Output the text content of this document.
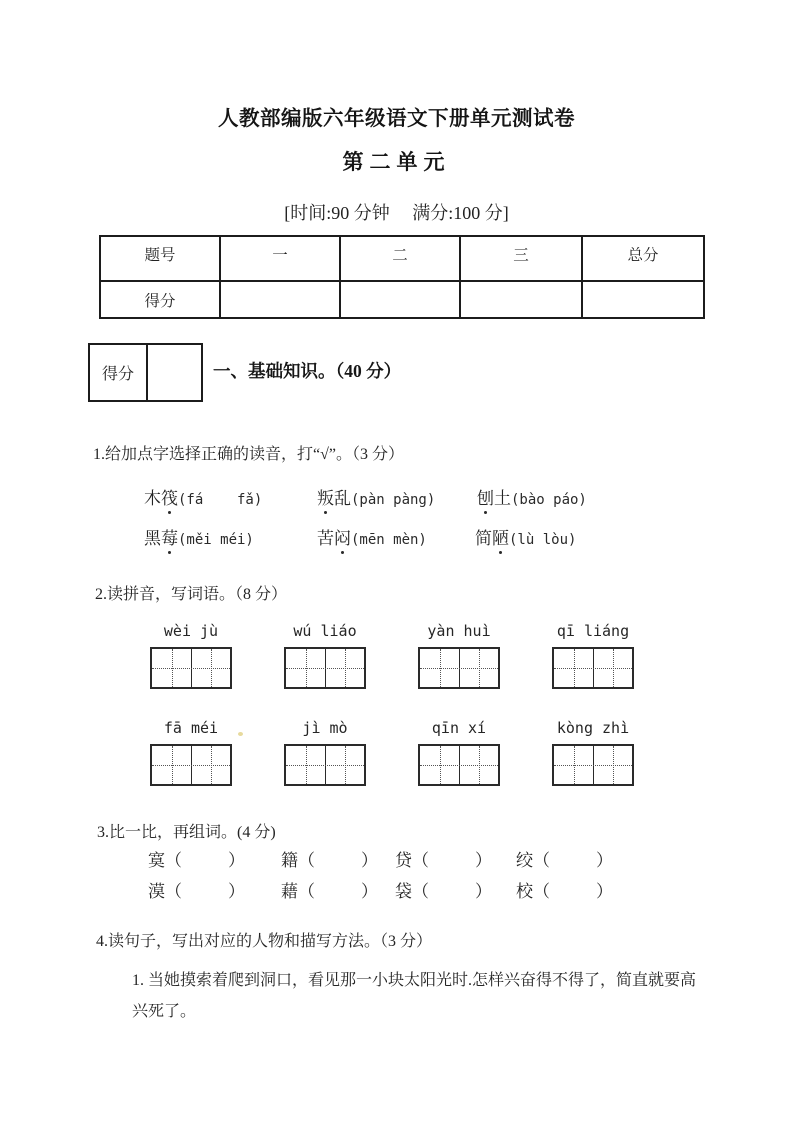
人教部编版六年级语文下册单元测试卷
第二单元
[时间:90 分钟　 满分:100 分]
题号	一	二	三	总分
得分				
得分	一、基础知识。（40 分）
1.给加点字选择正确的读音，打“√”。（3 分）
木筏(fá    fǎ)	叛乱(pàn pàng) 刨土(bào páo)
黑莓(měi méi)	苦闷(mēn mèn)	简陋(lù lòu)
2.读拼音，写词语。（8 分）
wèi jù	wú liáo	yàn huì	qī liáng
fā méi	jì mò	qīn xí	kòng zhì
3.比一比，再组词。(4 分)
寞 （	） 籍 （	） 贷 （	） 绞 （	）
漠 （	） 藉 （	） 袋 （	） 校 （	）
4.读句子，写出对应的人物和描写方法。（3 分）
1. 当她摸索着爬到洞口，看见那一小块太阳光时.怎样兴奋得不得了，简直就要高
兴死了。
